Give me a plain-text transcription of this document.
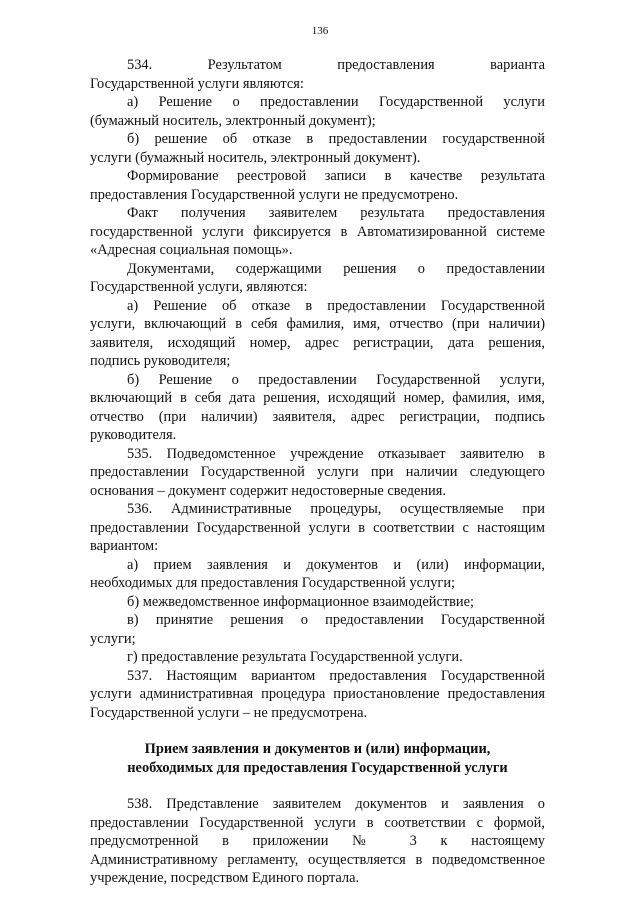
136
534. Результатом предоставления варианта
Государственной услуги являются:
а) Решение о предоставлении Государственной услуги
(бумажный носитель, электронный документ);
б) решение об отказе в предоставлении государственной
услуги (бумажный носитель, электронный документ).
Формирование реестровой записи в качестве результата
предоставления Государственной услуги не предусмотрено.
Факт получения заявителем результата предоставления
государственной услуги фиксируется в Автоматизированной системе
«Адресная социальная помощь».
Документами, содержащими решения о предоставлении
Государственной услуги, являются:
а) Решение об отказе в предоставлении Государственной
услуги, включающий в себя фамилия, имя, отчество (при наличии)
заявителя, исходящий номер, адрес регистрации, дата решения,
подпись руководителя;
б) Решение о предоставлении Государственной услуги,
включающий в себя дата решения, исходящий номер, фамилия, имя,
отчество (при наличии) заявителя, адрес регистрации, подпись
руководителя.
535. Подведомстенное учреждение отказывает заявителю в
предоставлении Государственной услуги при наличии следующего
основания – документ содержит недостоверные сведения.
536. Административные процедуры, осуществляемые при
предоставлении Государственной услуги в соответствии с настоящим
вариантом:
а) прием заявления и документов и (или) информации,
необходимых для предоставления Государственной услуги;
б) межведомственное информационное взаимодействие;
в) принятие решения о предоставлении Государственной
услуги;
г) предоставление результата Государственной услуги.
537. Настоящим вариантом предоставления Государственной
услуги административная процедура приостановление предоставления
Государственной услуги – не предусмотрена.
Прием заявления и документов и (или) информации,
необходимых для предоставления Государственной услуги
538. Представление заявителем документов и заявления о
предоставлении Государственной услуги в соответствии с формой,
предусмотренной в приложении № 3 к настоящему
Административному регламенту, осуществляется в подведомственное
учреждение, посредством Единого портала.
